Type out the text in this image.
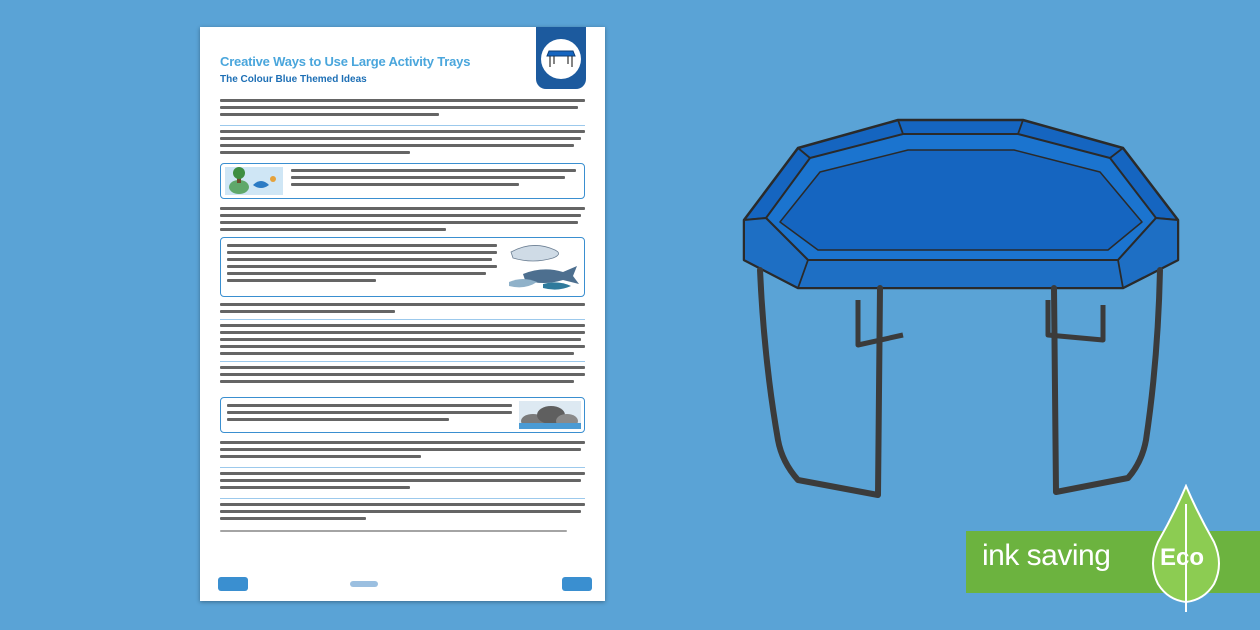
Creative Ways to Use Large Activity Trays
The Colour Blue Themed Ideas
ink saving Eco
